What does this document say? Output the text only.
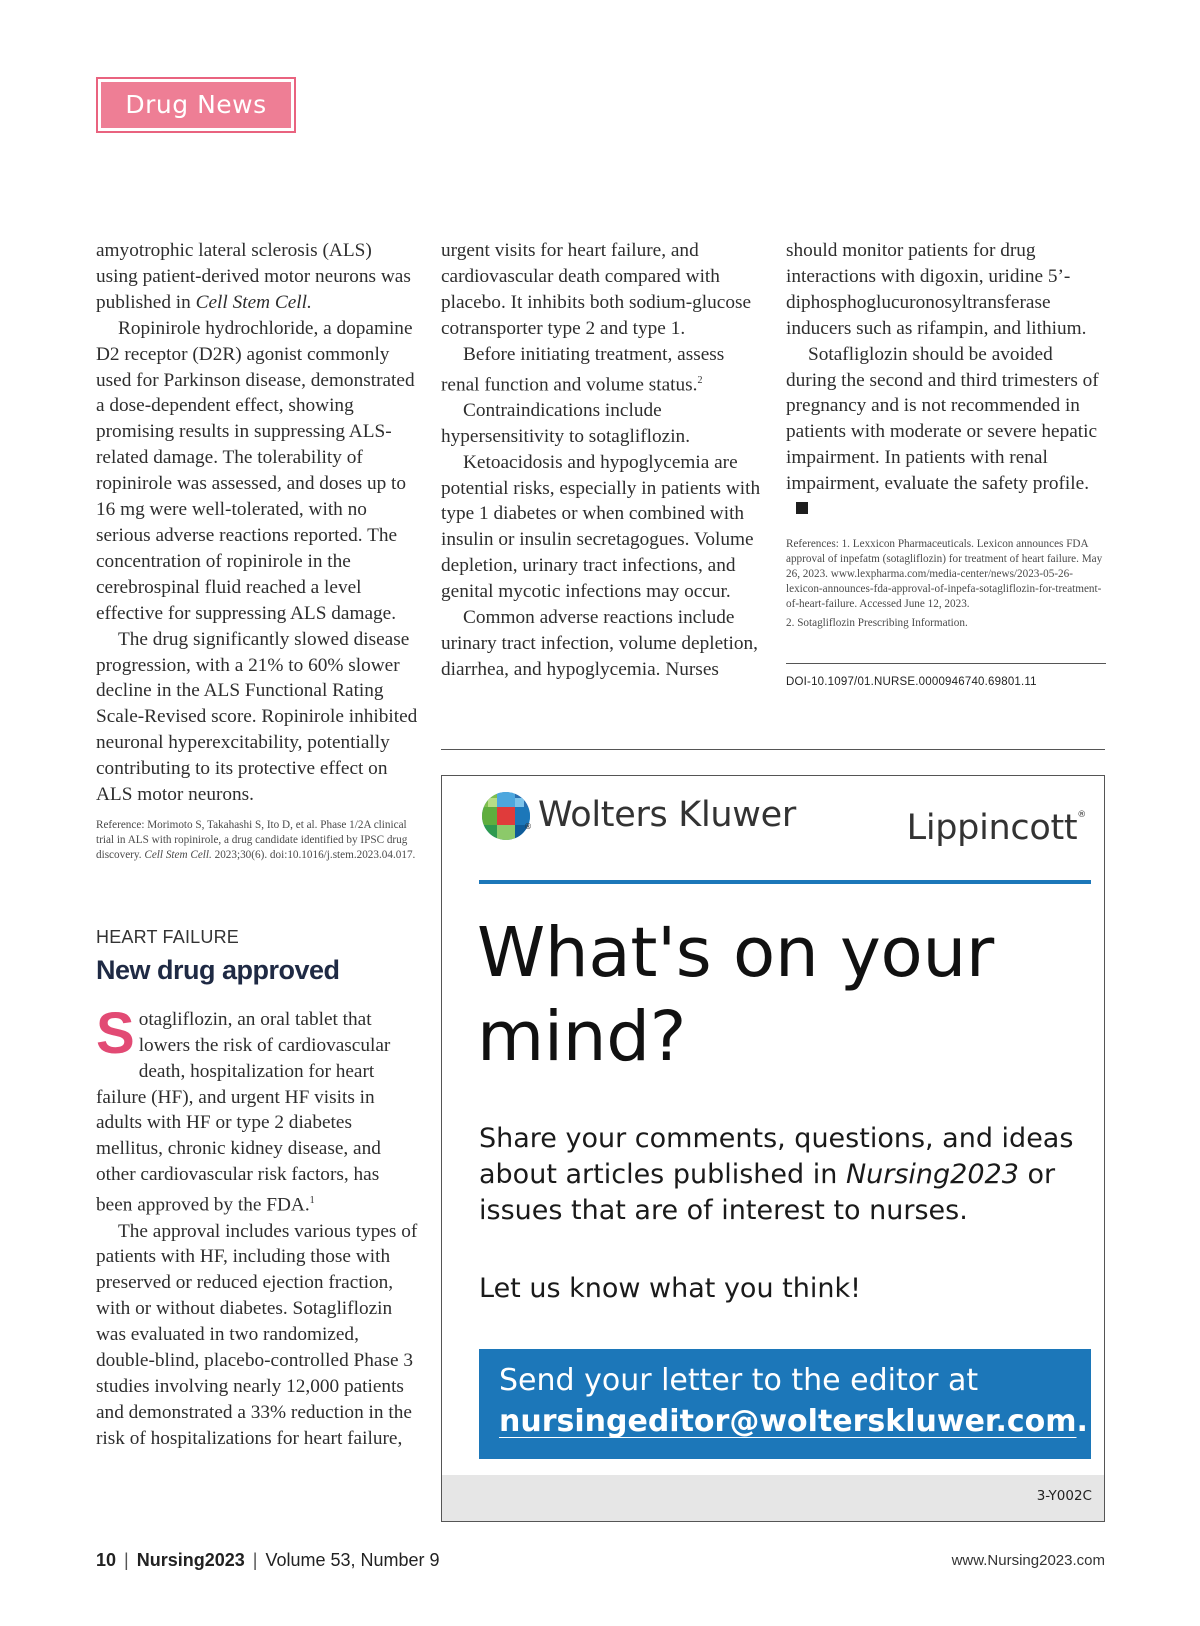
Drug News

amyotrophic lateral sclerosis (ALS) using patient-derived motor neurons was published in Cell Stem Cell.

Ropinirole hydrochloride, a dopamine D2 receptor (D2R) agonist commonly used for Parkinson disease, demonstrated a dose-dependent effect, showing promising results in suppressing ALS-related damage. The tolerability of ropinirole was assessed, and doses up to 16 mg were well-tolerated, with no serious adverse reactions reported. The concentration of ropinirole in the cerebrospinal fluid reached a level effective for suppressing ALS damage.

The drug significantly slowed disease progression, with a 21% to 60% slower decline in the ALS Functional Rating Scale-Revised score. Ropinirole inhibited neuronal hyperexcitability, potentially contributing to its protective effect on ALS motor neurons.

Reference: Morimoto S, Takahashi S, Ito D, et al. Phase 1/2A clinical trial in ALS with ropinirole, a drug candidate identified by IPSC drug discovery. Cell Stem Cell. 2023;30(6). doi:10.1016/j.stem.2023.04.017.

HEART FAILURE

New drug approved

Sotagliflozin, an oral tablet that lowers the risk of cardiovascular death, hospitalization for heart failure (HF), and urgent HF visits in adults with HF or type 2 diabetes mellitus, chronic kidney disease, and other cardiovascular risk factors, has been approved by the FDA.$^1$

The approval includes various types of patients with HF, including those with preserved or reduced ejection fraction, with or without diabetes. Sotagliflozin was evaluated in two randomized, double-blind, placebo-controlled Phase 3 studies involving nearly 12,000 patients and demonstrated a 33% reduction in the risk of hospitalizations for heart failure,

urgent visits for heart failure, and cardiovascular death compared with placebo. It inhibits both sodium-glucose cotransporter type 2 and type 1.

Before initiating treatment, assess renal function and volume status.$^2$

Contraindications include hypersensitivity to sotagliflozin.

Ketoacidosis and hypoglycemia are potential risks, especially in patients with type 1 diabetes or when combined with insulin or insulin secretagogues. Volume depletion, urinary tract infections, and genital mycotic infections may occur.

Common adverse reactions include urinary tract infection, volume depletion, diarrhea, and hypoglycemia. Nurses

should monitor patients for drug interactions with digoxin, uridine 5’-diphosphoglucuronosyltransferase inducers such as rifampin, and lithium.

Sotafliglozin should be avoided during the second and third trimesters of pregnancy and is not recommended in patients with moderate or severe hepatic impairment. In patients with renal impairment, evaluate the safety profile.

References: 1. Lexxicon Pharmaceuticals. Lexicon announces FDA approval of inpefatm (sotagliflozin) for treatment of heart failure. May 26, 2023. www.lexpharma.com/media-center/news/2023-05-26-lexicon-announces-fda-approval-of-inpefa-sotagliflozin-for-treatment-of-heart-failure. Accessed June 12, 2023.

2. Sotagliflozin Prescribing Information.

DOI-10.1097/01.NURSE.0000946740.69801.11

® Wolters Kluwer	Lippincott®
What's on your
mind?
Share your comments, questions, and ideas about articles published in Nursing2023 or issues that are of interest to nurses.
Let us know what you think!
Send your letter to the editor at
nursingeditor@wolterskluwer.com.
3-Y002C
10 | Nursing2023 | Volume 53, Number 9	www.Nursing2023.com
